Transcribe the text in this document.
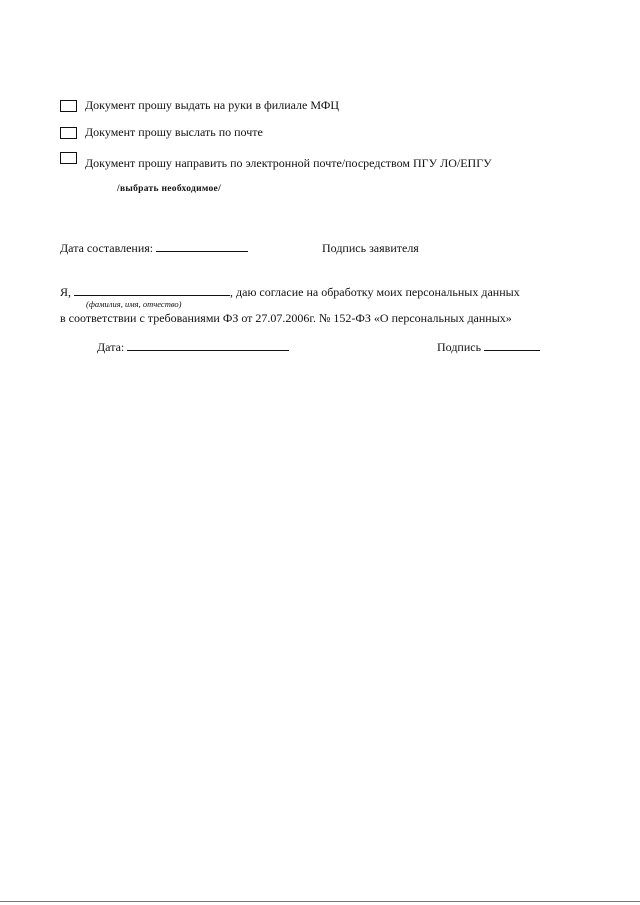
Документ прошу выдать на руки в филиале МФЦ
Документ прошу выслать по почте
Документ прошу направить по электронной почте/посредством ПГУ ЛО/ЕПГУ
/выбрать необходимое/
Дата составления:	Подпись заявителя
Я,	, даю согласие на обработку моих персональных данных
(фамилия, имя, отчество)
в соответствии с требованиями ФЗ от 27.07.2006г. № 152-ФЗ «О персональных данных»
Дата:	Подпись
